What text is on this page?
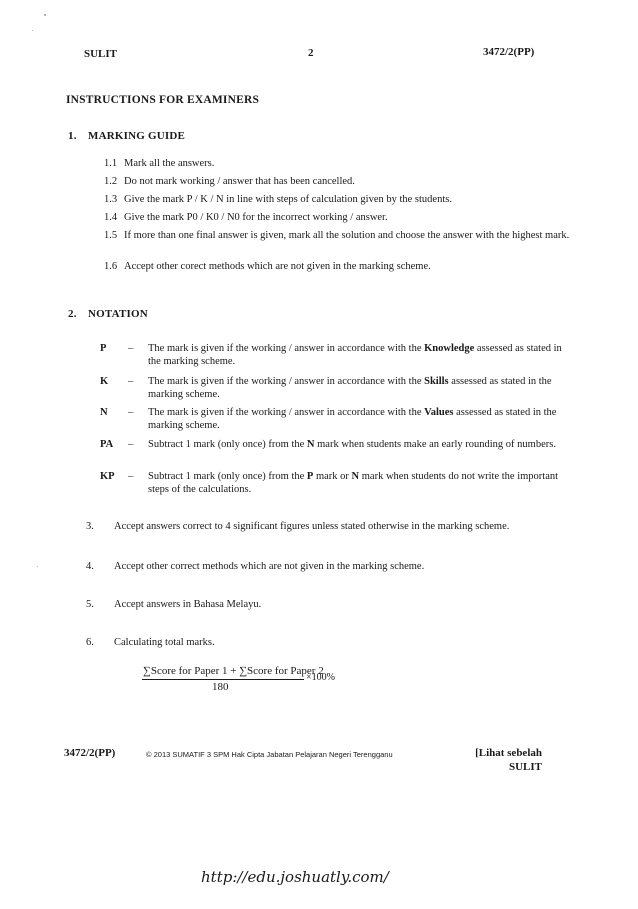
SULIT	2	3472/2(PP)
INSTRUCTIONS FOR EXAMINERS
1. MARKING GUIDE
1.1 Mark all the answers.
1.2 Do not mark working / answer that has been cancelled.
1.3 Give the mark P / K / N in line with steps of calculation given by the students.
1.4 Give the mark P0 / K0 / N0 for the incorrect working / answer.
1.5 If more than one final answer is given, mark all the solution and choose the answer with the highest mark.
1.6 Accept other corect methods which are not given in the marking scheme.
2. NOTATION
P	– The mark is given if the working / answer in accordance with the Knowledge assessed as stated in the marking scheme.
K	– The mark is given if the working / answer in accordance with the Skills assessed as stated in the marking scheme.
N	– The mark is given if the working / answer in accordance with the Values assessed as stated in the marking scheme.
PA	– Subtract 1 mark (only once) from the N mark when students make an early rounding of numbers.
KP	– Subtract 1 mark (only once) from the P mark or N mark when students do not write the important steps of the calculations.
3. Accept answers correct to 4 significant figures unless stated otherwise in the marking scheme.
4. Accept other correct methods which are not given in the marking scheme.
5. Accept answers in Bahasa Melayu.
6. Calculating total marks.
∑Score for Paper 1 + ∑Score for Paper 2
180
×100%
3472/2(PP)	© 2013 SUMATIF 3 SPM Hak Cipta Jabatan Pelajaran Negeri Terengganu	[Lihat sebelah
SULIT
http://edu.joshuatly.com/
